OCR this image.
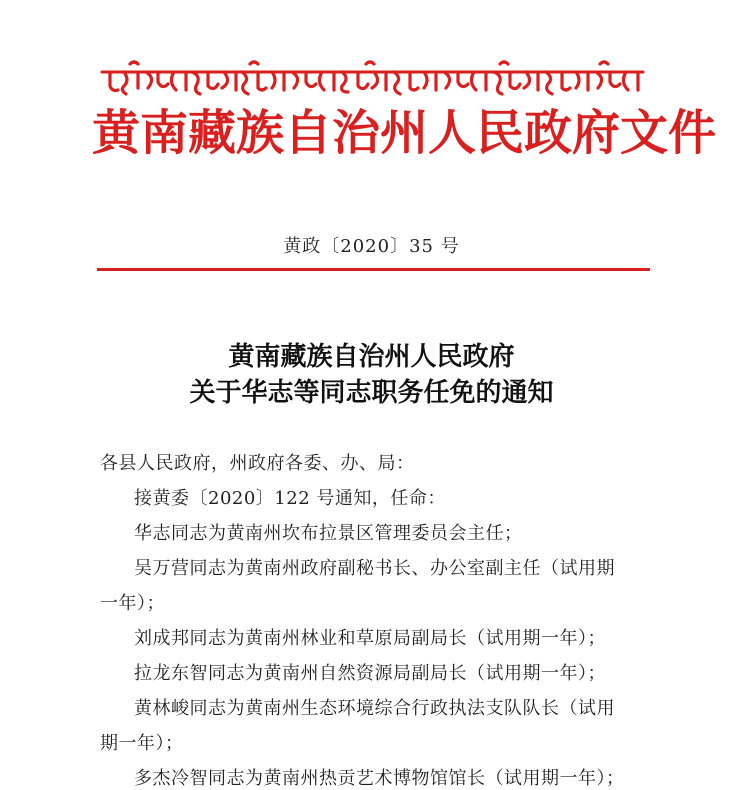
黄南藏族自治州人民政府文件
黄政〔2020〕35 号
黄南藏族自治州人民政府
关于华志等同志职务任免的通知
各县人民政府，州政府各委、办、局：
接黄委〔2020〕122 号通知，任命：
华志同志为黄南州坎布拉景区管理委员会主任；
吴万营同志为黄南州政府副秘书长、办公室副主任（试用期
一年）；
刘成邦同志为黄南州林业和草原局副局长（试用期一年）；
拉龙东智同志为黄南州自然资源局副局长（试用期一年）；
黄林峻同志为黄南州生态环境综合行政执法支队队长（试用
期一年）；
多杰冷智同志为黄南州热贡艺术博物馆馆长（试用期一年）；
